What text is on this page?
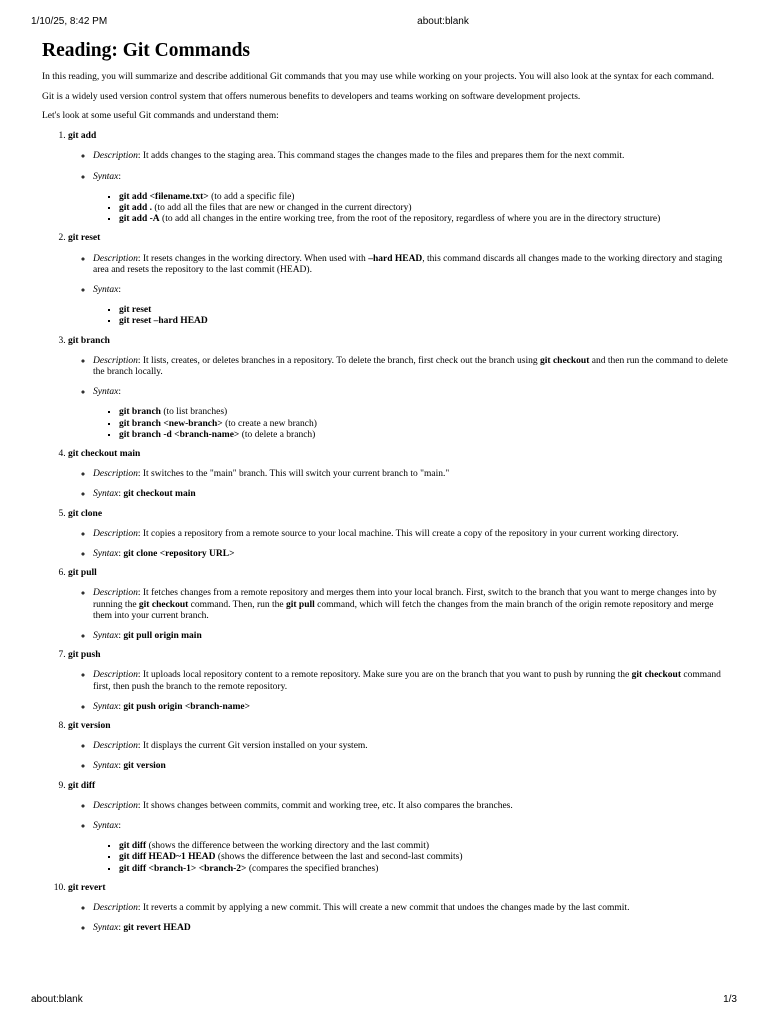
1/10/25, 8:42 PM	about:blank
Reading: Git Commands

In this reading, you will summarize and describe additional Git commands that you may use while working on your projects. You will also look at the syntax for each command.

Git is a widely used version control system that offers numerous benefits to developers and teams working on software development projects.

Let's look at some useful Git commands and understand them:

1. git add
◦ Description: It adds changes to the staging area. This command stages the changes made to the files and prepares them for the next commit.
◦ Syntax:
▪ git add <filename.txt> (to add a specific file)
▪ git add . (to add all the files that are new or changed in the current directory)
▪ git add -A (to add all changes in the entire working tree, from the root of the repository, regardless of where you are in the directory structure)
2. git reset
◦ Description: It resets changes in the working directory. When used with –hard HEAD, this command discards all changes made to the working directory and staging area and resets the repository to the last commit (HEAD).
◦ Syntax:
▪ git reset
▪ git reset –hard HEAD
3. git branch
◦ Description: It lists, creates, or deletes branches in a repository. To delete the branch, first check out the branch using git checkout and then run the command to delete the branch locally.
◦ Syntax:
▪ git branch (to list branches)
▪ git branch <new-branch> (to create a new branch)
▪ git branch -d <branch-name> (to delete a branch)
4. git checkout main
◦ Description: It switches to the "main" branch. This will switch your current branch to "main."
◦ Syntax: git checkout main
5. git clone
◦ Description: It copies a repository from a remote source to your local machine. This will create a copy of the repository in your current working directory.
◦ Syntax: git clone <repository URL>
6. git pull
◦ Description: It fetches changes from a remote repository and merges them into your local branch. First, switch to the branch that you want to merge changes into by running the git checkout command. Then, run the git pull command, which will fetch the changes from the main branch of the origin remote repository and merge them into your current branch.
◦ Syntax: git pull origin main
7. git push
◦ Description: It uploads local repository content to a remote repository. Make sure you are on the branch that you want to push by running the git checkout command first, then push the branch to the remote repository.
◦ Syntax: git push origin <branch-name>
8. git version
◦ Description: It displays the current Git version installed on your system.
◦ Syntax: git version
9. git diff
◦ Description: It shows changes between commits, commit and working tree, etc. It also compares the branches.
◦ Syntax:
▪ git diff (shows the difference between the working directory and the last commit)
▪ git diff HEAD~1 HEAD (shows the difference between the last and second-last commits)
▪ git diff <branch-1> <branch-2> (compares the specified branches)
10. git revert
◦ Description: It reverts a commit by applying a new commit. This will create a new commit that undoes the changes made by the last commit.
◦ Syntax: git revert HEAD
about:blank	1/3
